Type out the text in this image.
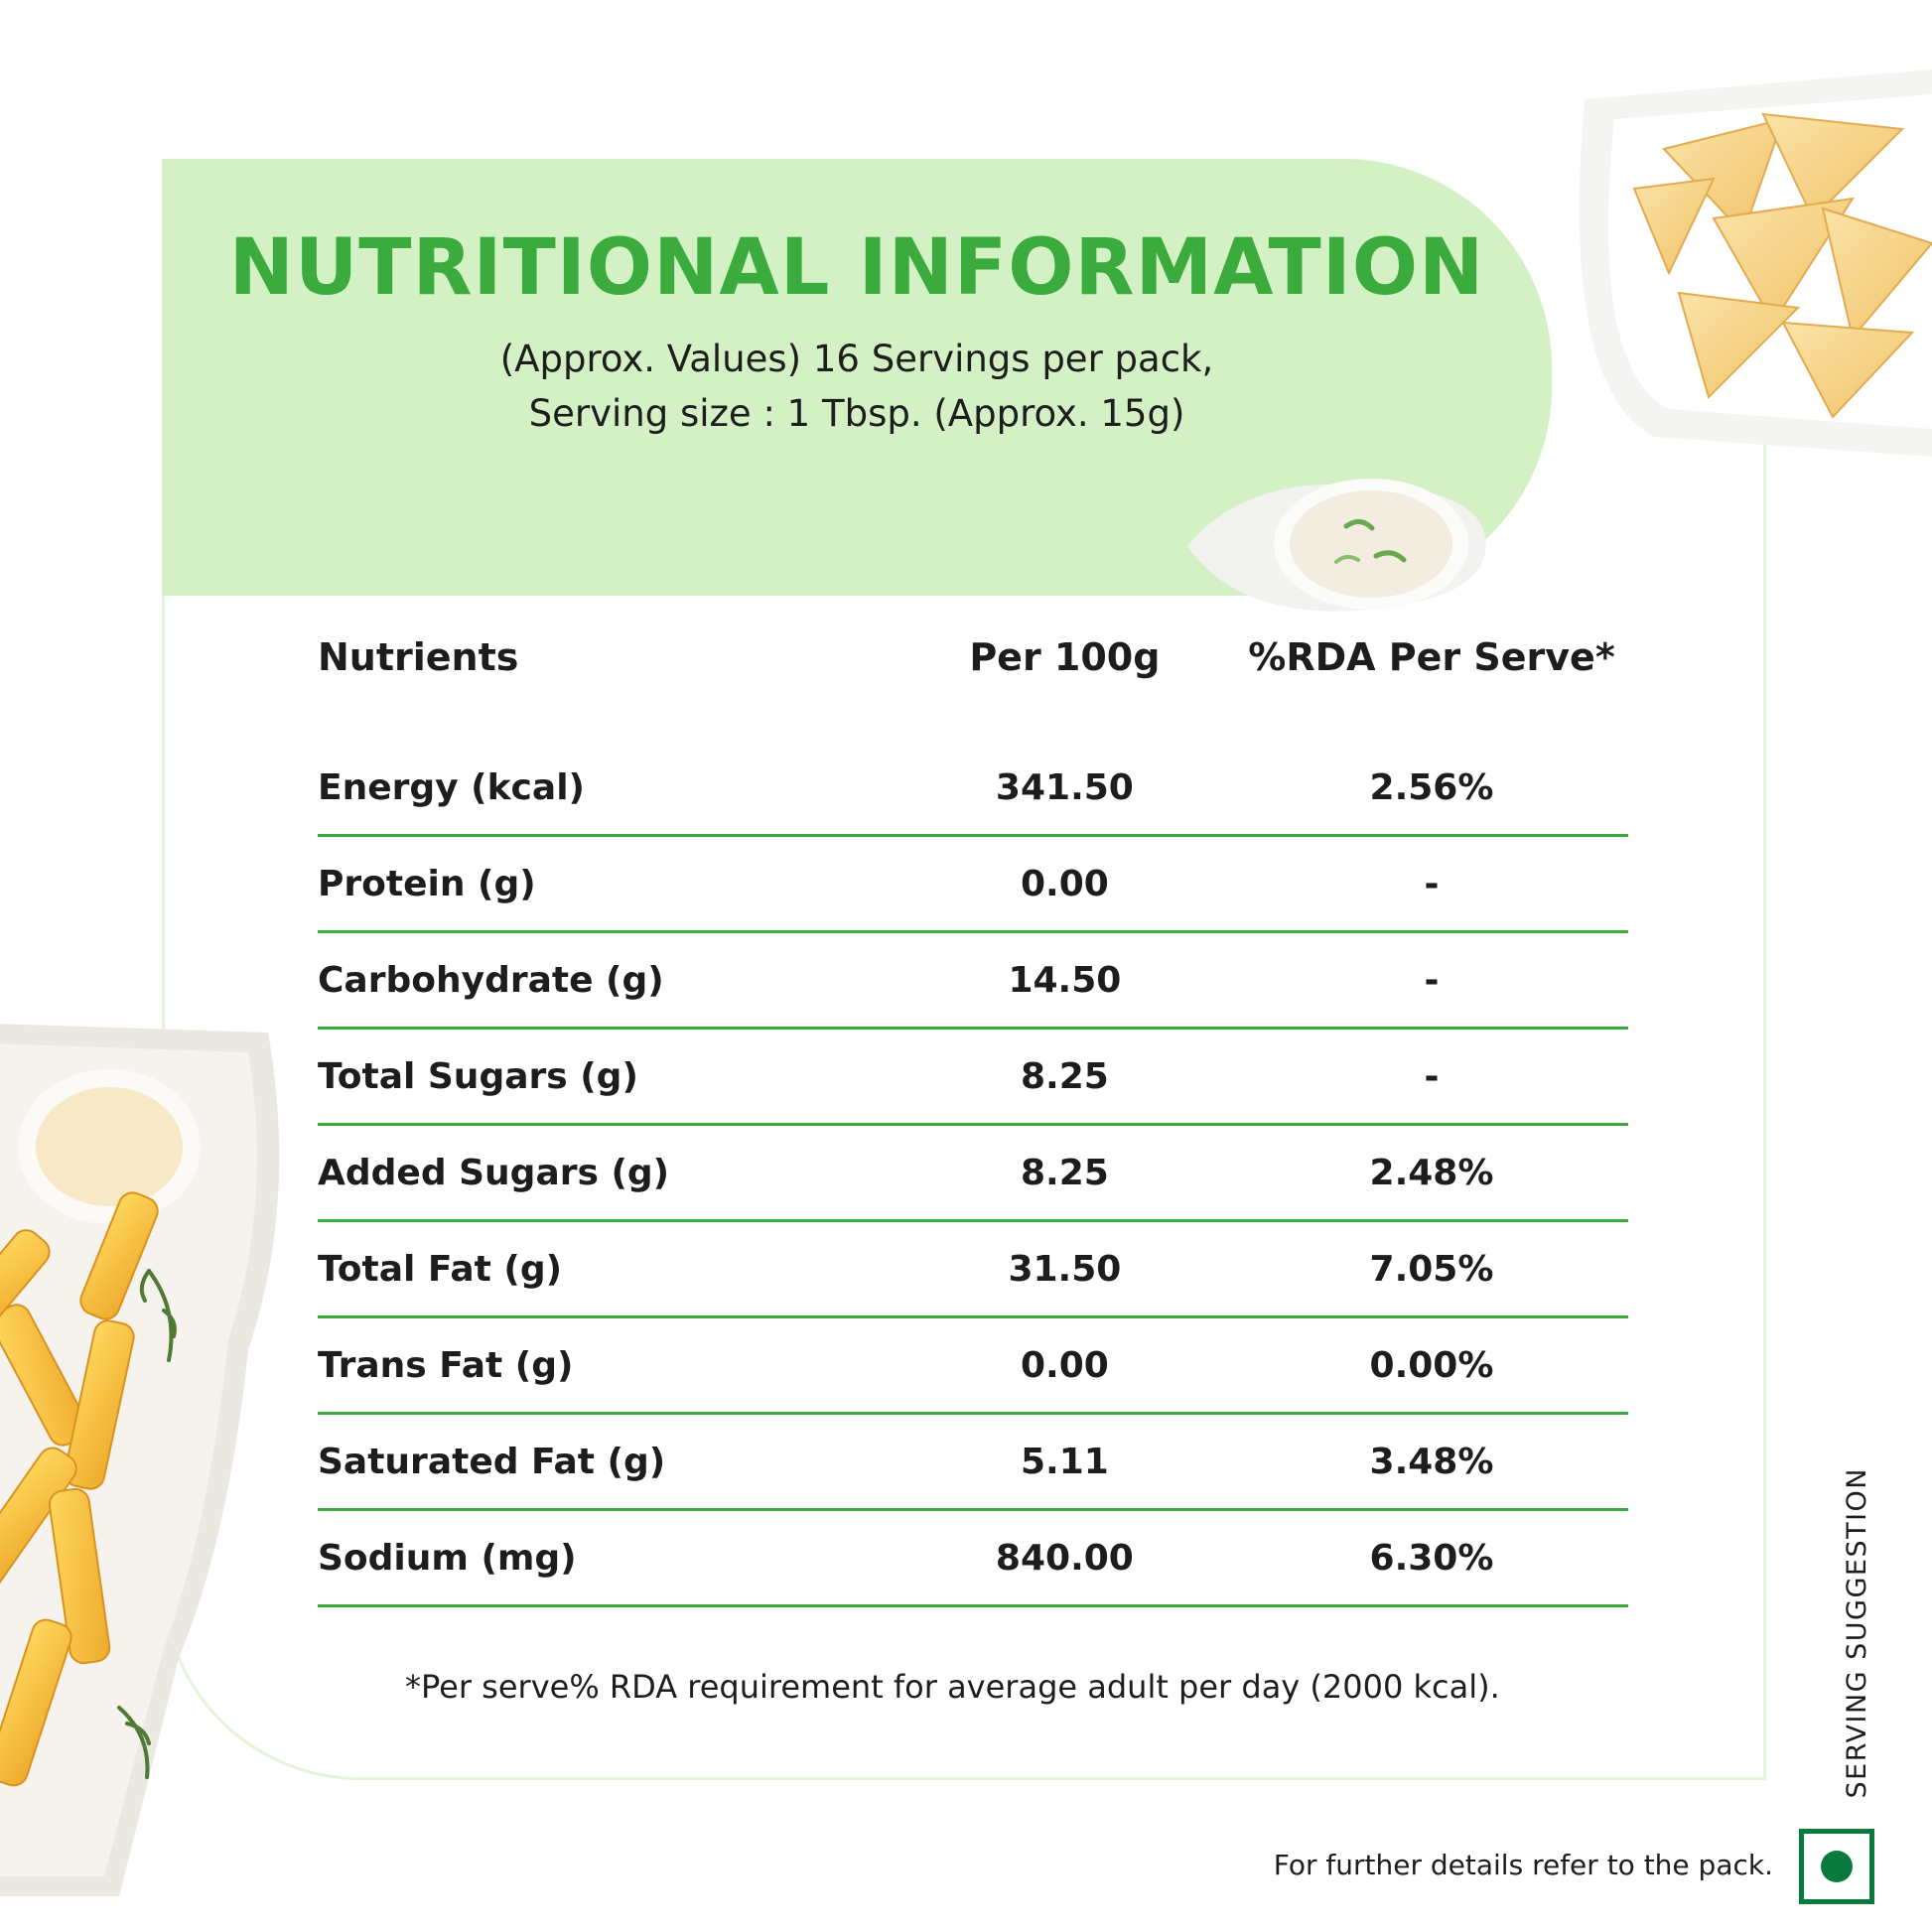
NUTRITIONAL INFORMATION

(Approx. Values) 16 Servings per pack,

Serving size : 1 Tbsp. (Approx. 15g)

Nutrients	Per 100g	%RDA Per Serve*
Energy (kcal)	341.50	2.56%
Protein (g)	0.00	-
Carbohydrate (g)	14.50	-
Total Sugars (g)	8.25	-
Added Sugars (g)	8.25	2.48%
Total Fat (g)	31.50	7.05%
Trans Fat (g)	0.00	0.00%
Saturated Fat (g)	5.11	3.48%
Sodium (mg)	840.00	6.30%
*Per serve% RDA requirement for average adult per day (2000 kcal).	SERVING SUGGESTION
For further details refer to the pack.
